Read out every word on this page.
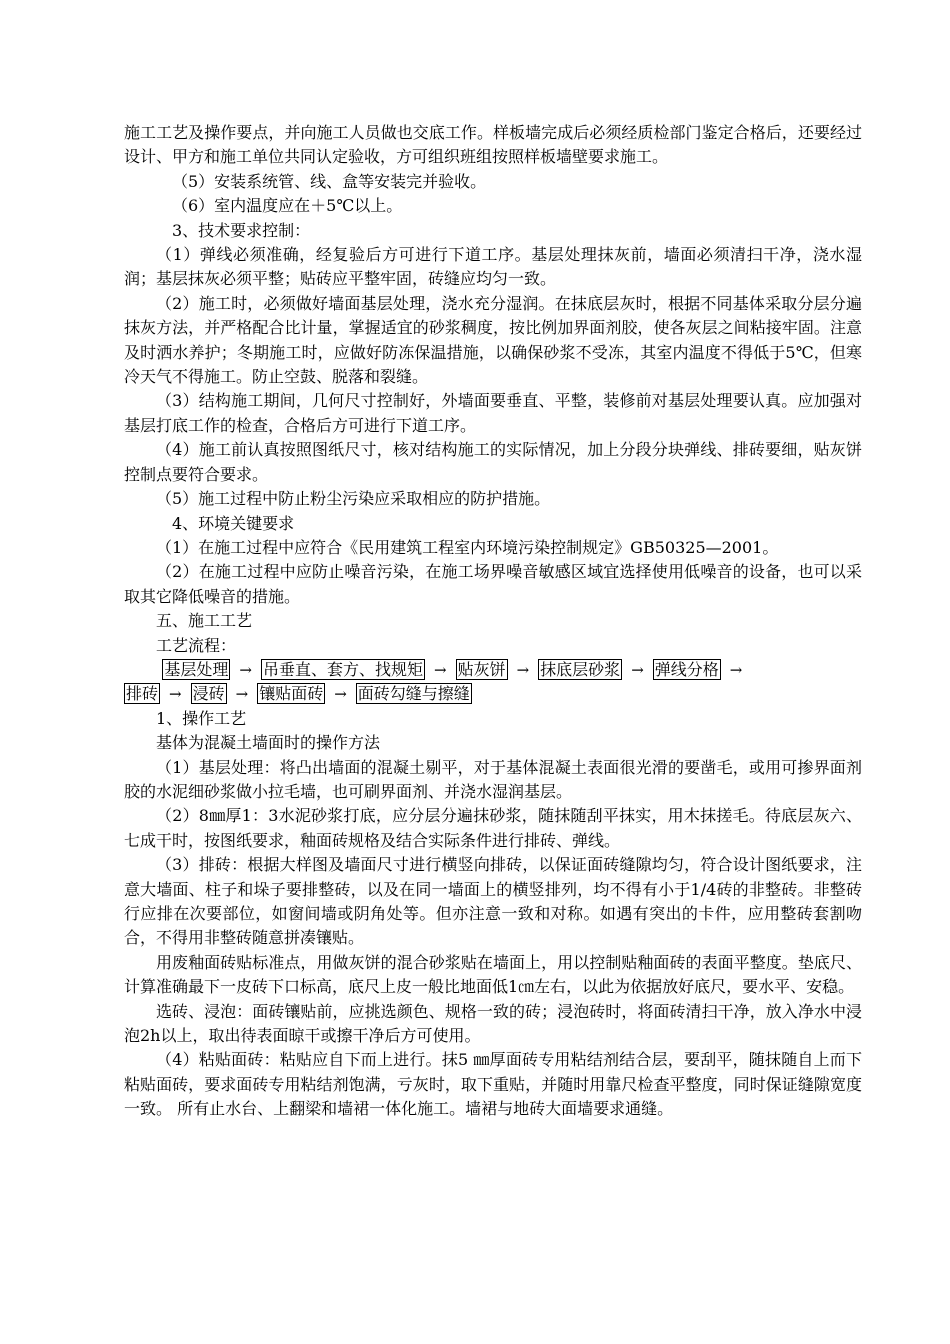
施工工艺及操作要点，并向施工人员做也交底工作。样板墙完成后必须经质检部门鉴定合格后，还要经过设计、甲方和施工单位共同认定验收，方可组织班组按照样板墙壁要求施工。

（5）安装系统管、线、盒等安装完并验收。

（6）室内温度应在＋5℃以上。

3、技术要求控制：

（1）弹线必须准确，经复验后方可进行下道工序。基层处理抹灰前，墙面必须清扫干净，浇水湿润；基层抹灰必须平整；贴砖应平整牢固，砖缝应均匀一致。

（2）施工时，必须做好墙面基层处理，浇水充分湿润。在抹底层灰时，根据不同基体采取分层分遍抹灰方法，并严格配合比计量，掌握适宜的砂浆稠度，按比例加界面剂胶，使各灰层之间粘接牢固。注意及时洒水养护；冬期施工时，应做好防冻保温措施，以确保砂浆不受冻，其室内温度不得低于5℃，但寒冷天气不得施工。防止空鼓、脱落和裂缝。

（3）结构施工期间，几何尺寸控制好，外墙面要垂直、平整，装修前对基层处理要认真。应加强对基层打底工作的检查，合格后方可进行下道工序。

（4）施工前认真按照图纸尺寸，核对结构施工的实际情况，加上分段分块弹线、排砖要细，贴灰饼控制点要符合要求。

（5）施工过程中防止粉尘污染应采取相应的防护措施。

4、环境关键要求

（1）在施工过程中应符合《民用建筑工程室内环境污染控制规定》GB50325—2001。

（2）在施工过程中应防止噪音污染，在施工场界噪音敏感区域宜选择使用低噪音的设备，也可以采取其它降低噪音的措施。

五、施工工艺

工艺流程：

基层处理 → 吊垂直、套方、找规矩 → 贴灰饼 → 抹底层砂浆 → 弹线分格 →

排砖 → 浸砖 → 镶贴面砖 → 面砖勾缝与擦缝

1、操作工艺

基体为混凝土墙面时的操作方法

（1）基层处理：将凸出墙面的混凝土剔平，对于基体混凝土表面很光滑的要凿毛，或用可掺界面剂胶的水泥细砂浆做小拉毛墙，也可刷界面剂、并浇水湿润基层。

（2）8㎜厚1：3水泥砂浆打底，应分层分遍抹砂浆，随抹随刮平抹实，用木抹搓毛。待底层灰六、七成干时，按图纸要求，釉面砖规格及结合实际条件进行排砖、弹线。

（3）排砖：根据大样图及墙面尺寸进行横竖向排砖，以保证面砖缝隙均匀，符合设计图纸要求，注意大墙面、柱子和垛子要排整砖，以及在同一墙面上的横竖排列，均不得有小于1/4砖的非整砖。非整砖行应排在次要部位，如窗间墙或阴角处等。但亦注意一致和对称。如遇有突出的卡件，应用整砖套割吻合，不得用非整砖随意拼凑镶贴。

用废釉面砖贴标准点，用做灰饼的混合砂浆贴在墙面上，用以控制贴釉面砖的表面平整度。垫底尺、计算准确最下一皮砖下口标高，底尺上皮一般比地面低1㎝左右，以此为依据放好底尺，要水平、安稳。

选砖、浸泡：面砖镶贴前，应挑选颜色、规格一致的砖；浸泡砖时，将面砖清扫干净，放入净水中浸泡2h以上，取出待表面晾干或擦干净后方可使用。

（4）粘贴面砖：粘贴应自下而上进行。抹5 ㎜厚面砖专用粘结剂结合层，要刮平，随抹随自上而下粘贴面砖，要求面砖专用粘结剂饱满，亏灰时，取下重贴，并随时用靠尺检查平整度，同时保证缝隙宽度一致。 所有止水台、上翻梁和墙裙一体化施工。墙裙与地砖大面墙要求通缝。
